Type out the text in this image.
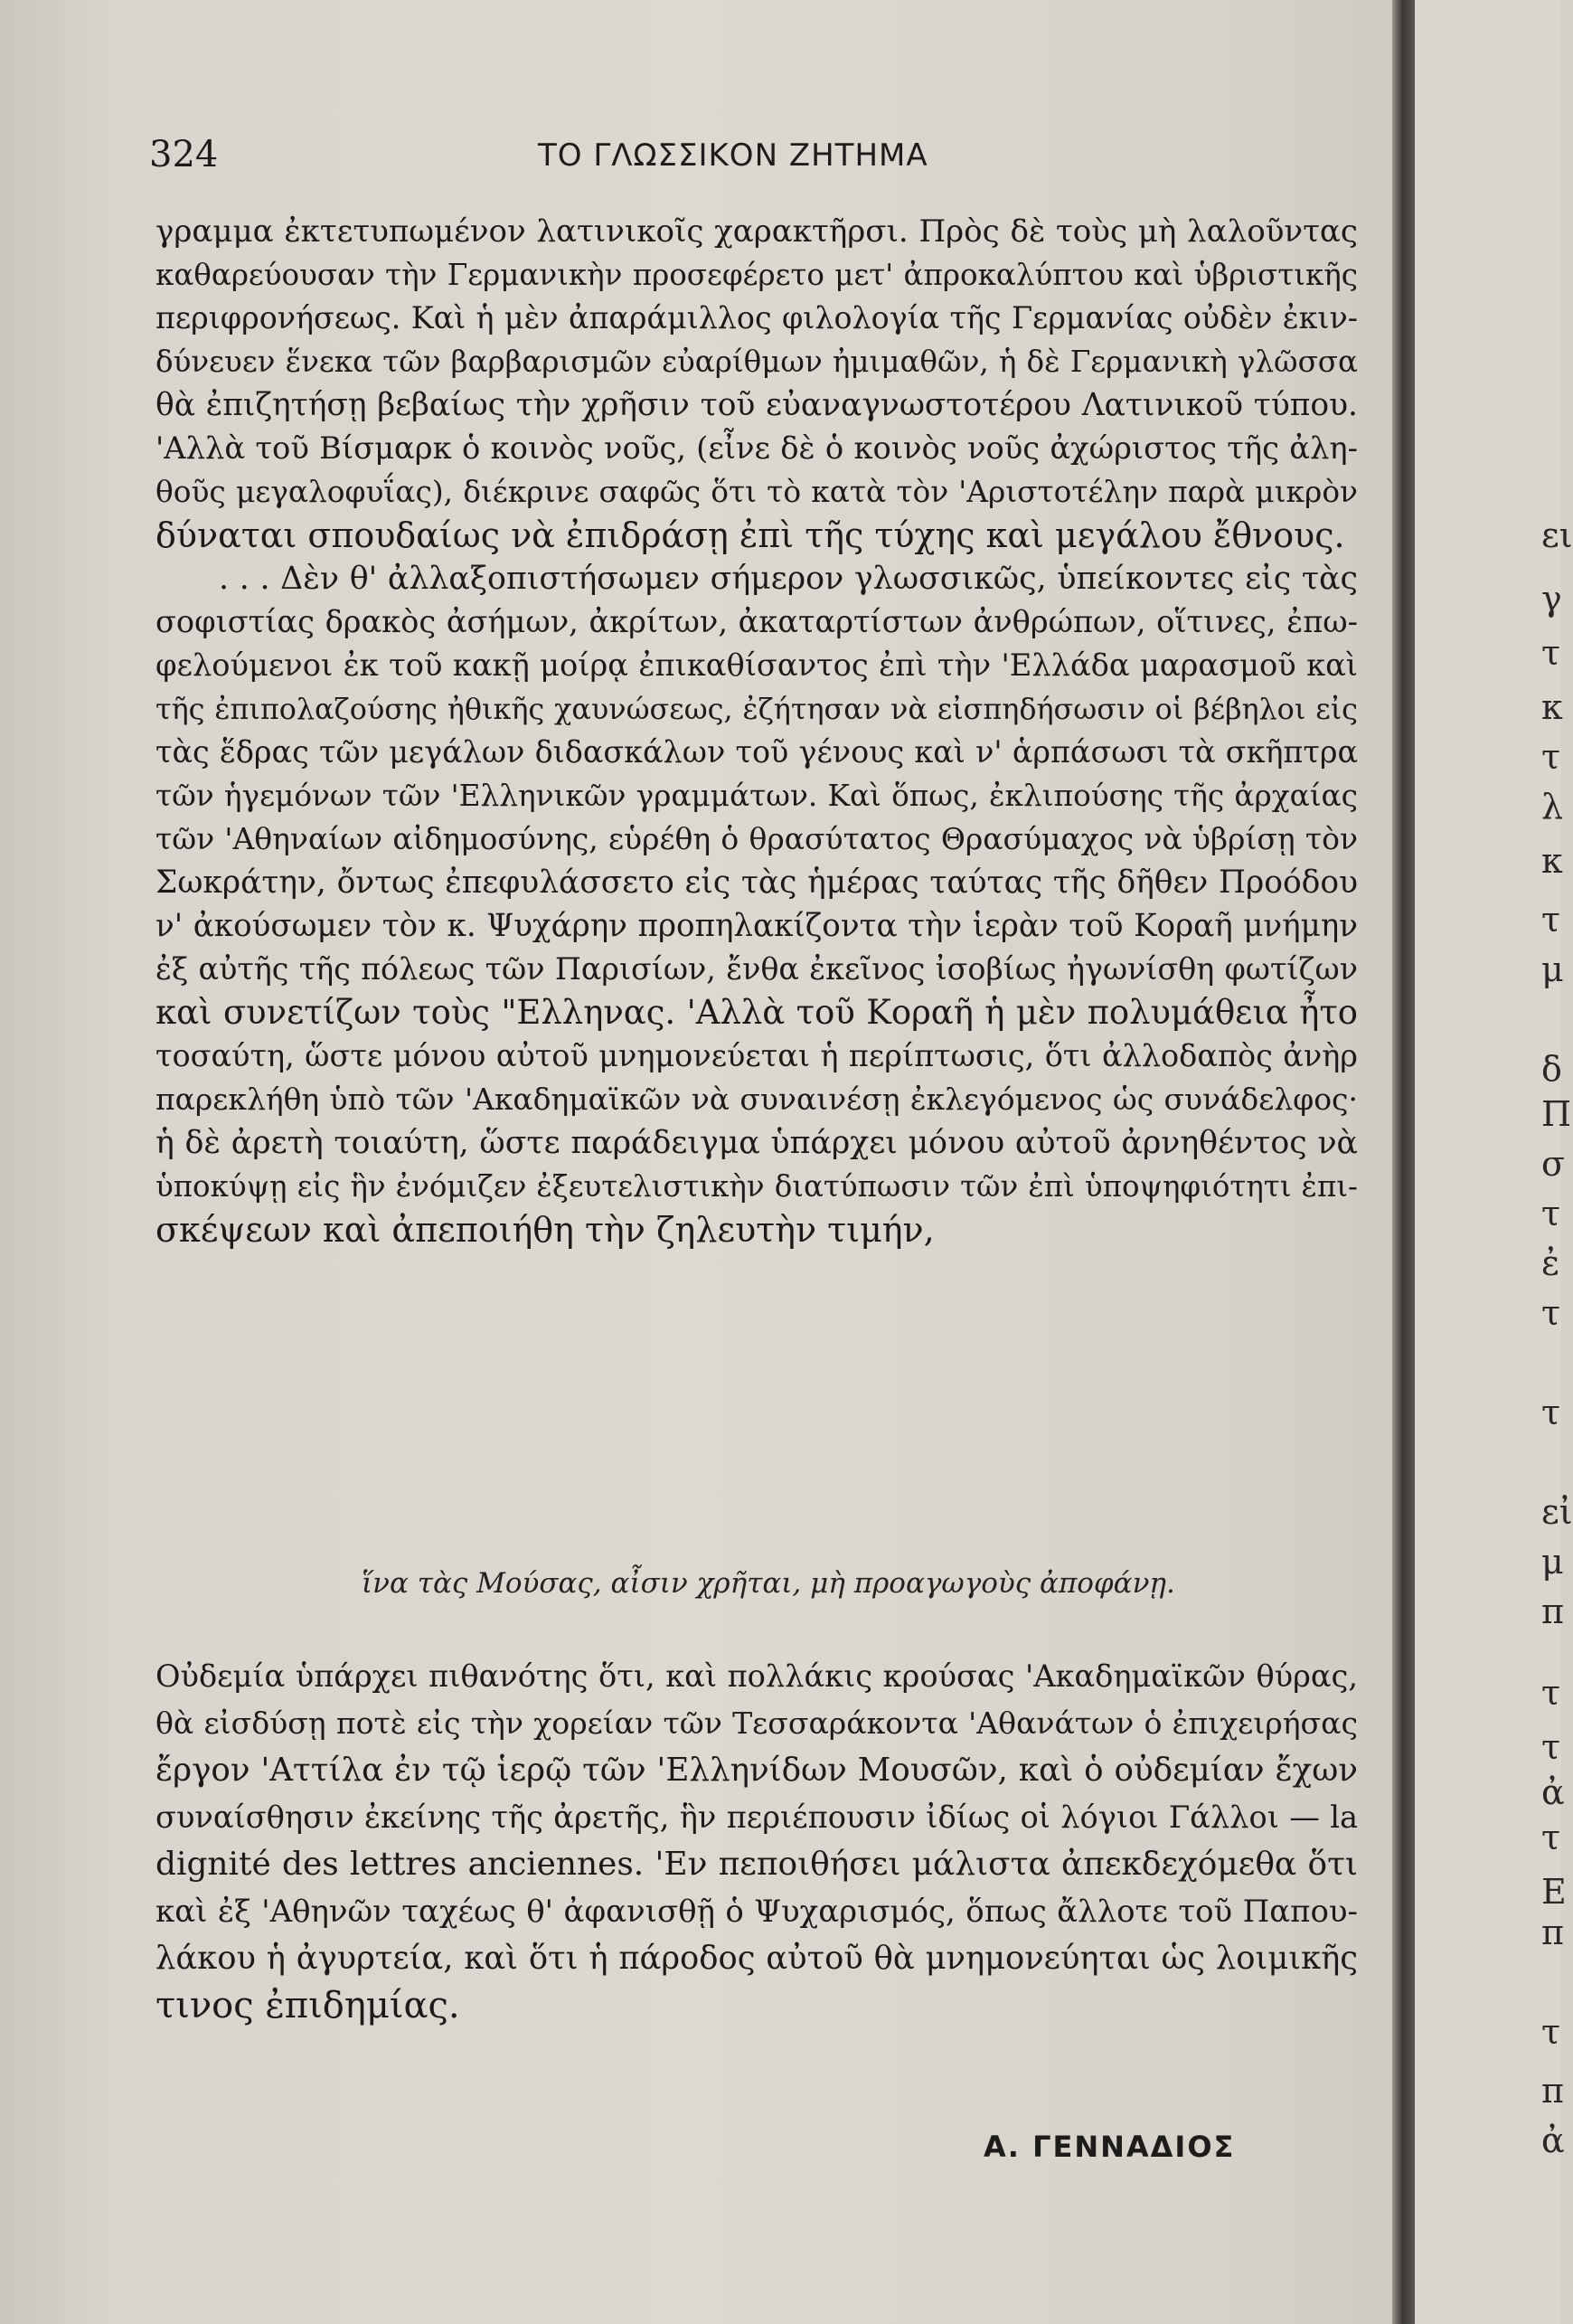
ει
γ
τ
κ
τ
λ
κ
τ
μ
δ
Π
σ
τ
ἐ
τ
τ
εἰ
μ
π
τ
τ
ἀ
τ
Ε
π
τ
π
ἀ
324	ΤΟ ΓΛΩΣΣΙΚΟΝ ΖΗΤΗΜΑ
γραμμα ἐκτετυπωμένον λατινικοῖς χαρακτῆρσι. Πρὸς δὲ τοὺς μὴ λαλοῦντας
καθαρεύουσαν τὴν Γερμανικὴν προσεφέρετο μετ' ἀπροκαλύπτου καὶ ὑβριστικῆς
περιφρονήσεως. Καὶ ἡ μὲν ἀπαράμιλλος φιλολογία τῆς Γερμανίας οὐδὲν ἐκιν-
δύνευεν ἕνεκα τῶν βαρβαρισμῶν εὐαρίθμων ἠμιμαθῶν, ἡ δὲ Γερμανικὴ γλῶσσα
θὰ ἐπιζητήσῃ βεβαίως τὴν χρῆσιν τοῦ εὐαναγνωστοτέρου Λατινικοῦ τύπου.
'Αλλὰ τοῦ Βίσμαρκ ὁ κοινὸς νοῦς, (εἶνε δὲ ὁ κοινὸς νοῦς ἀχώριστος τῆς ἀλη-
θοῦς μεγαλοφυΐας), διέκρινε σαφῶς ὅτι τὸ κατὰ τὸν 'Αριστοτέλην παρὰ μικρὸν
δύναται σπουδαίως νὰ ἐπιδράσῃ ἐπὶ τῆς τύχης καὶ μεγάλου ἔθνους.
. . . Δὲν θ' ἀλλαξοπιστήσωμεν σήμερον γλωσσικῶς, ὑπείκοντες εἰς τὰς
σοφιστίας δρακὸς ἀσήμων, ἀκρίτων, ἀκαταρτίστων ἀνθρώπων, οἵτινες, ἐπω-
φελούμενοι ἐκ τοῦ κακῇ μοίρᾳ ἐπικαθίσαντος ἐπὶ τὴν 'Ελλάδα μαρασμοῦ καὶ
τῆς ἐπιπολαζούσης ἠθικῆς χαυνώσεως, ἐζήτησαν νὰ εἰσπηδήσωσιν οἱ βέβηλοι εἰς
τὰς ἕδρας τῶν μεγάλων διδασκάλων τοῦ γένους καὶ ν' ἁρπάσωσι τὰ σκῆπτρα
τῶν ἡγεμόνων τῶν 'Ελληνικῶν γραμμάτων. Καὶ ὅπως, ἐκλιπούσης τῆς ἀρχαίας
τῶν 'Αθηναίων αἰδημοσύνης, εὑρέθη ὁ θρασύτατος Θρασύμαχος νὰ ὑβρίσῃ τὸν
Σωκράτην, ὄντως ἐπεφυλάσσετο εἰς τὰς ἡμέρας ταύτας τῆς δῆθεν Προόδου
ν' ἀκούσωμεν τὸν κ. Ψυχάρην προπηλακίζοντα τὴν ἱερὰν τοῦ Κοραῆ μνήμην
ἐξ αὐτῆς τῆς πόλεως τῶν Παρισίων, ἔνθα ἐκεῖνος ἰσοβίως ἠγωνίσθη φωτίζων
καὶ συνετίζων τοὺς "Ελληνας. 'Αλλὰ τοῦ Κοραῆ ἡ μὲν πολυμάθεια ἦτο
τοσαύτη, ὥστε μόνου αὐτοῦ μνημονεύεται ἡ περίπτωσις, ὅτι ἀλλοδαπὸς ἀνὴρ
παρεκλήθη ὑπὸ τῶν 'Ακαδημαϊκῶν νὰ συναινέσῃ ἐκλεγόμενος ὡς συνάδελφος·
ἡ δὲ ἀρετὴ τοιαύτη, ὥστε παράδειγμα ὑπάρχει μόνου αὐτοῦ ἀρνηθέντος νὰ
ὑποκύψῃ εἰς ἣν ἐνόμιζεν ἐξευτελιστικὴν διατύπωσιν τῶν ἐπὶ ὑποψηφιότητι ἐπι-
σκέψεων καὶ ἀπεποιήθη τὴν ζηλευτὴν τιμήν,
ἵνα τὰς Μούσας, αἶσιν χρῆται, μὴ προαγωγοὺς ἀποφάνῃ.
Οὐδεμία ὑπάρχει πιθανότης ὅτι, καὶ πολλάκις κρούσας 'Ακαδημαϊκῶν θύρας,
θὰ εἰσδύσῃ ποτὲ εἰς τὴν χορείαν τῶν Τεσσαράκοντα 'Αθανάτων ὁ ἐπιχειρήσας
ἔργον 'Αττίλα ἐν τῷ ἱερῷ τῶν 'Ελληνίδων Μουσῶν, καὶ ὁ οὐδεμίαν ἔχων
συναίσθησιν ἐκείνης τῆς ἀρετῆς, ἣν περιέπουσιν ἰδίως οἱ λόγιοι Γάλλοι — la
dignité des lettres anciennes. 'Εν πεποιθήσει μάλιστα ἀπεκδεχόμεθα ὅτι
καὶ ἐξ 'Αθηνῶν ταχέως θ' ἀφανισθῇ ὁ Ψυχαρισμός, ὅπως ἄλλοτε τοῦ Παπου-
λάκου ἡ ἀγυρτεία, καὶ ὅτι ἡ πάροδος αὐτοῦ θὰ μνημονεύηται ὡς λοιμικῆς
τινος ἐπιδημίας.
Α. ΓΕΝΝΑΔΙΟΣ
